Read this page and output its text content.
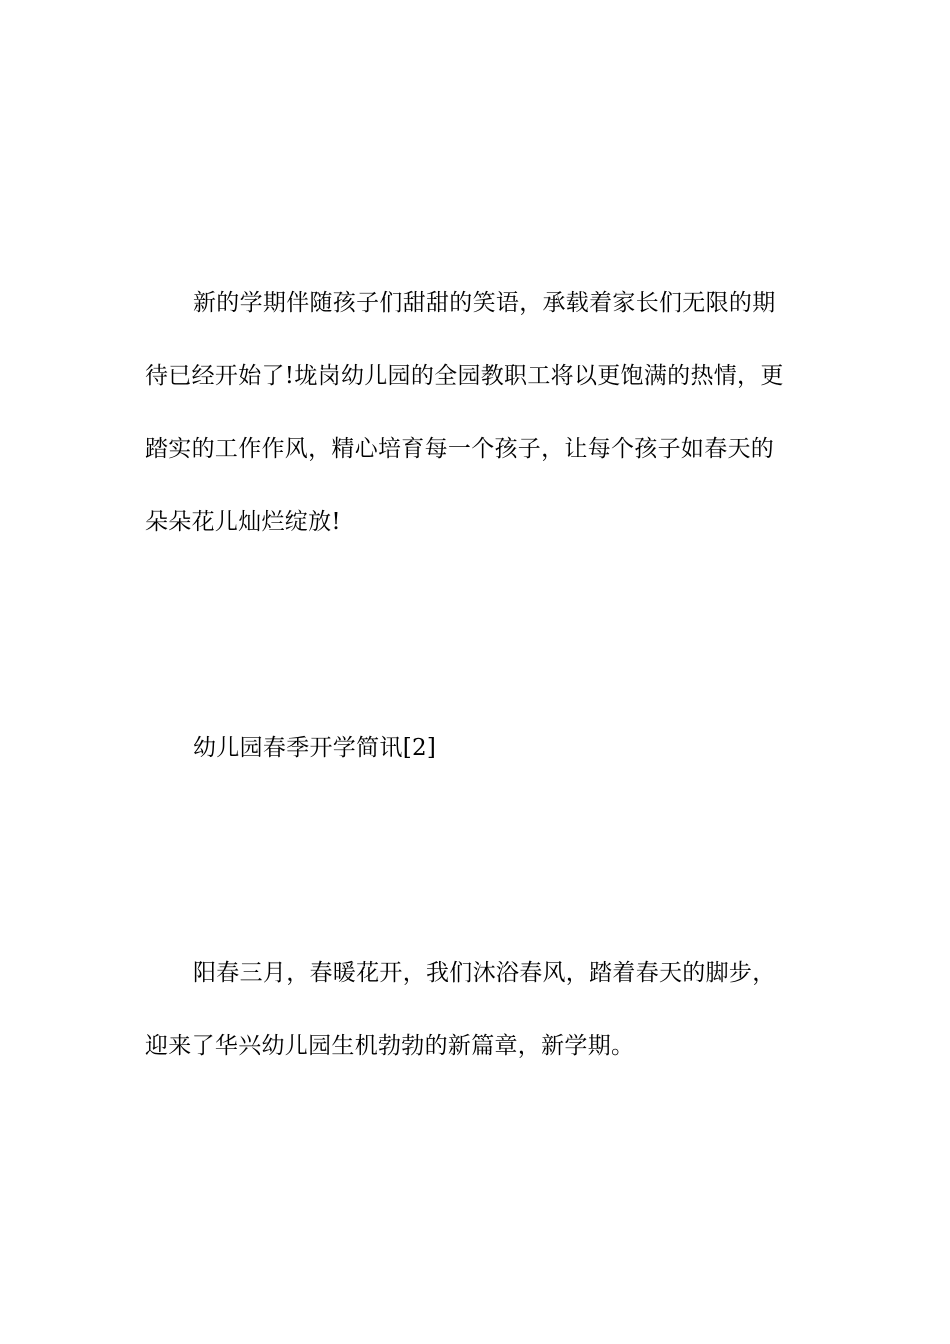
新的学期伴随孩子们甜甜的笑语，承载着家长们无限的期
待已经开始了!垅岗幼儿园的全园教职工将以更饱满的热情，更
踏实的工作作风，精心培育每一个孩子，让每个孩子如春天的
朵朵花儿灿烂绽放!
幼儿园春季开学简讯[2]
阳春三月，春暖花开，我们沐浴春风，踏着春天的脚步，
迎来了华兴幼儿园生机勃勃的新篇章，新学期。
